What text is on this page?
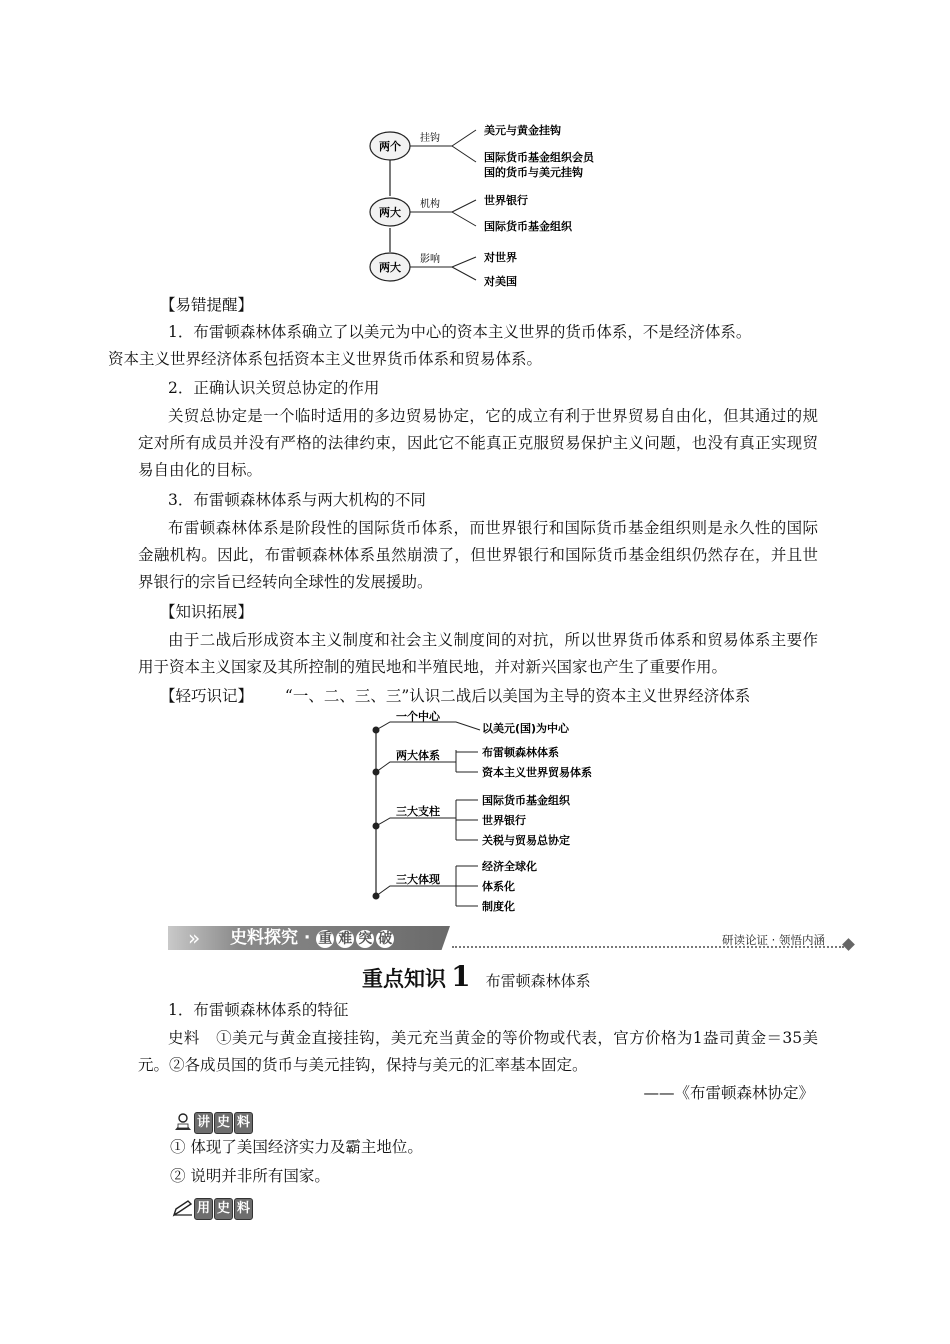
两个
两大
两大
挂钩
美元与黄金挂钩
国际货币基金组织会员
国的货币与美元挂钩
机构	世界银行
国际货币基金组织
影响	对世界
对美国
【易错提醒】
1．布雷顿森林体系确立了以美元为中心的资本主义世界的货币体系，不是经济体系。
资本主义世界经济体系包括资本主义世界货币体系和贸易体系。
2．正确认识关贸总协定的作用
关贸总协定是一个临时适用的多边贸易协定，它的成立有利于世界贸易自由化，但其通过的规定对所有成员并没有严格的法律约束，因此它不能真正克服贸易保护主义问题，也没有真正实现贸易自由化的目标。
3．布雷顿森林体系与两大机构的不同
布雷顿森林体系是阶段性的国际货币体系，而世界银行和国际货币基金组织则是永久性的国际金融机构。因此，布雷顿森林体系虽然崩溃了，但世界银行和国际货币基金组织仍然存在，并且世界银行的宗旨已经转向全球性的发展援助。
【知识拓展】
由于二战后形成资本主义制度和社会主义制度间的对抗，所以世界货币体系和贸易体系主要作用于资本主义国家及其所控制的殖民地和半殖民地，并对新兴国家也产生了重要作用。
【轻巧识记】 “一、二、三、三”认识二战后以美国为主导的资本主义世界经济体系
一个中心
以美元(国)为中心
两大体系	布雷顿森林体系
资本主义世界贸易体系
三大支柱
国际货币基金组织
世界银行
关税与贸易总协定
三大体现
经济全球化
体系化
制度化
» 史料探究 · 重 难 突 破	研读论证 · 领悟内涵
重点知识 1 布雷顿森林体系
1．布雷顿森林体系的特征
史料 ①美元与黄金直接挂钩，美元充当黄金的等价物或代表，官方价格为1盎司黄金＝35美元。②各成员国的货币与美元挂钩，保持与美元的汇率基本固定。
——《布雷顿森林协定》
讲 史 料
① 体现了美国经济实力及霸主地位。
② 说明并非所有国家。
用 史 料
